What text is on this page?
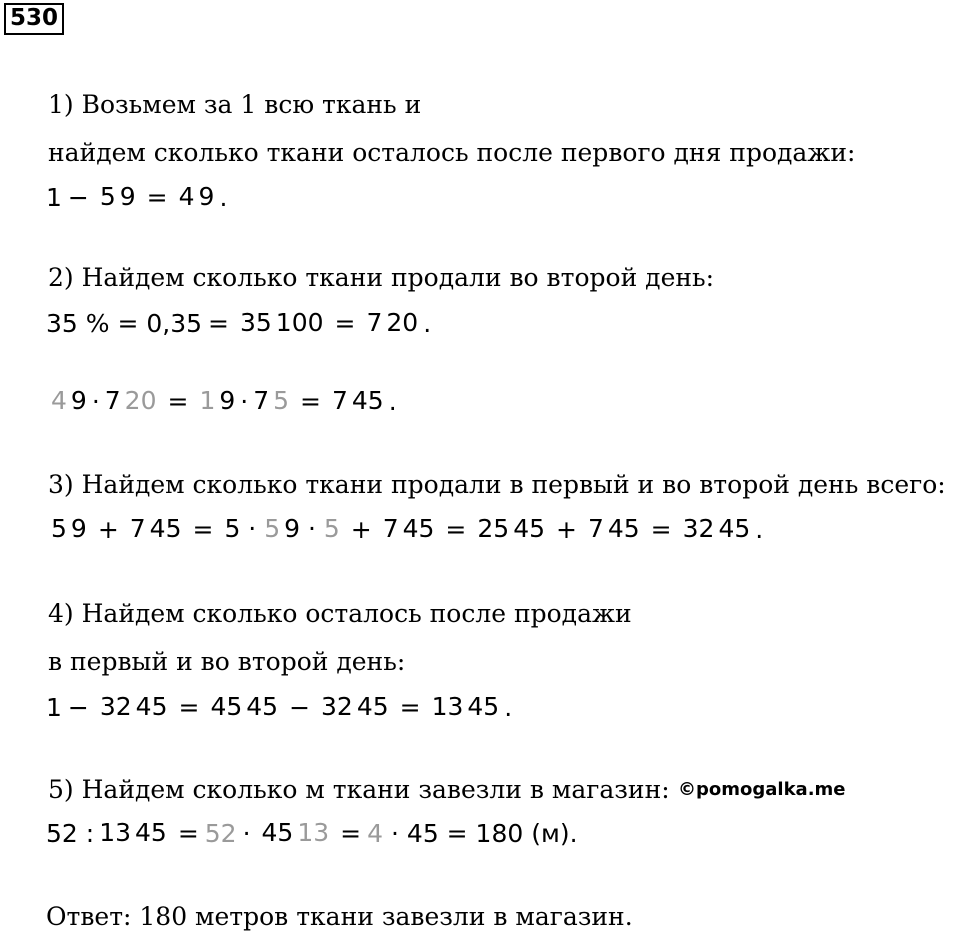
530
1) Возьмем за 1 всю ткань и
найдем сколько ткани осталось после первого дня продажи:
1 − 5 9 = 4 9 .
2) Найдем сколько ткани продали во второй день:
35 % = 0,35 = 35 100 = 7 20 .
4 9 · 7 20 = 1 9 · 7 5 = 7 45 .
3) Найдем сколько ткани продали в первый и во второй день всего:
5 9 + 7 45 = 5 · 5 9 · 5 + 7 45 = 25 45 + 7 45 = 32 45 .
4) Найдем сколько осталось после продажи
в первый и во второй день:
1 − 32 45 = 45 45 − 32 45 = 13 45 .
5) Найдем сколько м ткани завезли в магазин: ©pomogalka.me
52 : 13 45 = 52 · 45 13 = 4 · 45 = 180 (м).
Ответ: 180 метров ткани завезли в магазин.
